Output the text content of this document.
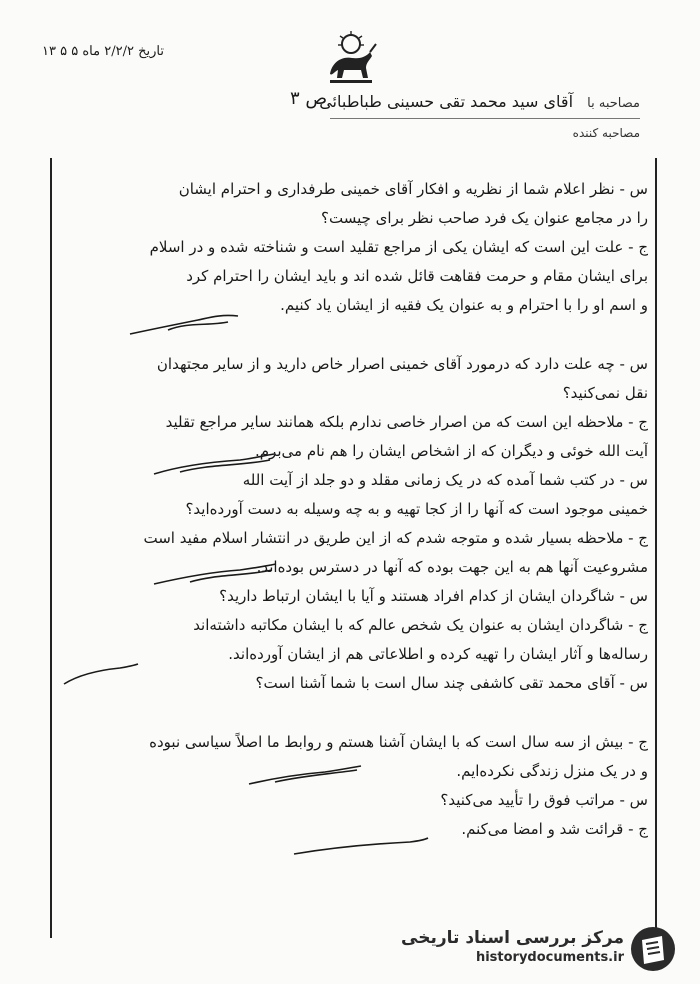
تاریخ ۲/۲/۲ ماه ۵ ۵ ۱۳
ص ۳	مصاحبه با آقای سید محمد تقی حسینی طباطبائی
مصاحبه کننده
س - نظر اعلام شما از نظریه و افکار آقای خمینی طرفداری و احترام ایشان
را در مجامع عنوان یک فرد صاحب نظر برای چیست؟
ج - علت این است که ایشان یکی از مراجع تقلید است و شناخته شده و در اسلام
برای ایشان مقام و حرمت فقاهت قائل شده اند و باید ایشان را احترام کرد
و اسم او را با احترام و به عنوان یک فقیه از ایشان یاد کنیم.
س - چه علت دارد که درمورد آقای خمینی اصرار خاص دارید و از سایر مجتهدان
نقل نمی‌کنید؟
ج - ملاحظه این است که من اصرار خاصی ندارم بلکه همانند سایر مراجع تقلید
آیت الله خوئی و دیگران که از اشخاص ایشان را هم نام می‌برم.
س - در کتب شما آمده که در یک زمانی مقلد و دو جلد از آیت الله
خمینی موجود است که آنها را از کجا تهیه و به چه وسیله به دست آورده‌اید؟
ج - ملاحظه بسیار شده و متوجه شدم که از این طریق در انتشار اسلام مفید است
مشروعیت آنها هم به این جهت بوده که آنها در دسترس بوده‌اند.
س - شاگردان ایشان از کدام افراد هستند و آیا با ایشان ارتباط دارید؟
ج - شاگردان ایشان به عنوان یک شخص عالم که با ایشان مکاتبه داشته‌اند
رساله‌ها و آثار ایشان را تهیه کرده و اطلاعاتی هم از ایشان آورده‌اند.
س - آقای محمد تقی کاشفی چند سال است با شما آشنا است؟
ج - بیش از سه سال است که با ایشان آشنا هستم و روابط ما اصلاً سیاسی نبوده
و در یک منزل زندگی نکرده‌ایم.
س - مراتب فوق را تأیید می‌کنید؟
ج - قرائت شد و امضا می‌کنم.
مرکز بررسی اسناد تاریخی
historydocuments.ir
